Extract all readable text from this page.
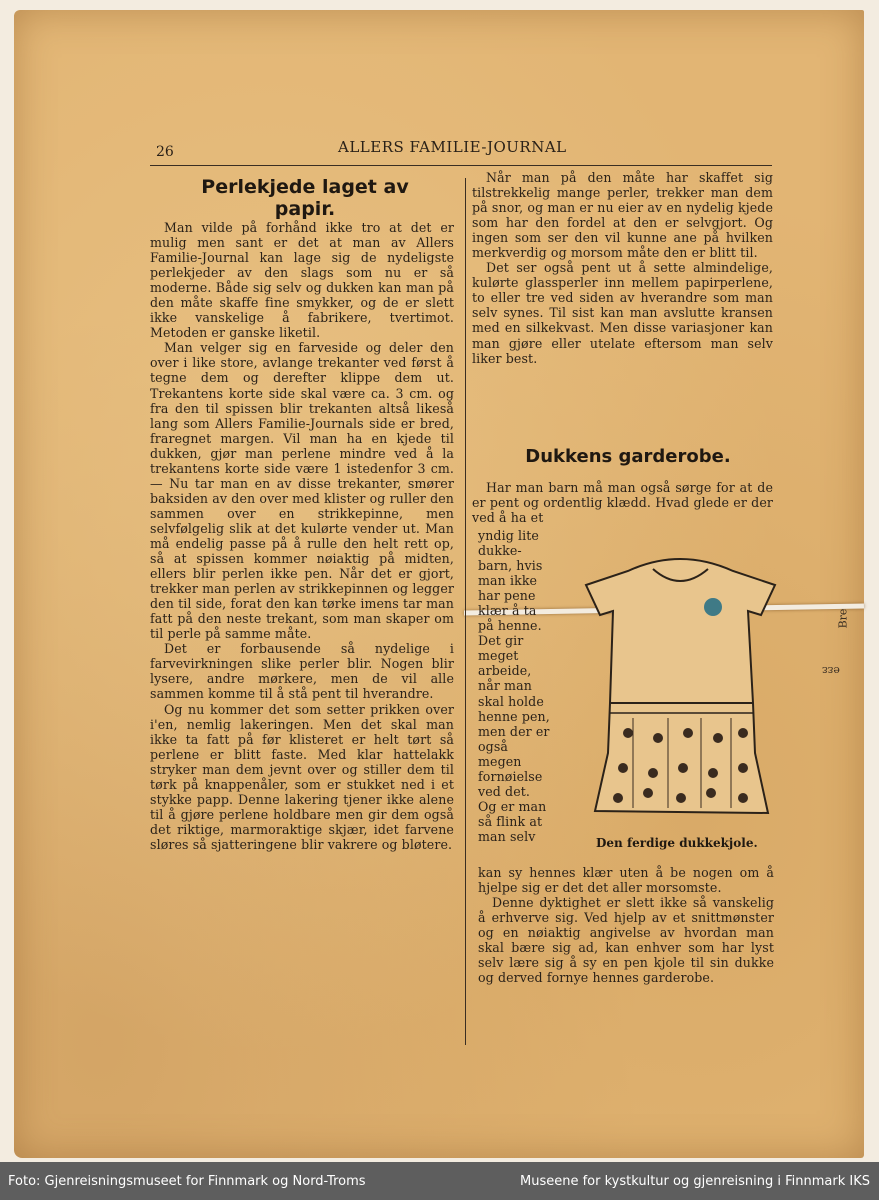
26	ALLERS FAMILIE-JOURNAL
Perlekjede laget av
papir.

Man vilde på forhånd ikke tro at det er mulig men sant er det at man av Allers Familie-Journal kan lage sig de nydeligste perlekjeder av den slags som nu er så moderne. Både sig selv og dukken kan man på den måte skaffe fine smykker, og de er slett ikke vanskelige å fabrikere, tvertimot. Metoden er ganske liketil.

Man velger sig en farveside og deler den over i like store, avlange trekanter ved først å tegne dem og derefter klippe dem ut. Trekantens korte side skal være ca. 3 cm. og fra den til spissen blir trekanten altså likeså lang som Allers Familie-Journals side er bred, fraregnet margen. Vil man ha en kjede til dukken, gjør man perlene mindre ved å la trekantens korte side være 1 istedenfor 3 cm. — Nu tar man en av disse trekanter, smører baksiden av den over med klister og ruller den sammen over en strikkepinne, men selvfølgelig slik at det kulørte vender ut. Man må endelig passe på å rulle den helt rett op, så at spissen kommer nøiaktig på midten, ellers blir perlen ikke pen. Når det er gjort, trekker man perlen av strikkepinnen og legger den til side, forat den kan tørke imens tar man fatt på den neste trekant, som man skaper om til perle på samme måte.

Det er forbausende så nydelige i farvevirkningen slike perler blir. Nogen blir lysere, andre mørkere, men de vil alle sammen komme til å stå pent til hverandre.

Og nu kommer det som setter prikken over i'en, nemlig lakeringen. Men det skal man ikke ta fatt på før klisteret er helt tørt så perlene er blitt faste. Med klar hattelakk stryker man dem jevnt over og stiller dem til tørk på knappenåler, som er stukket ned i et stykke papp. Denne lakering tjener ikke alene til å gjøre perlene holdbare men gir dem også det riktige, marmoraktige skjær, idet farvene sløres så sjatteringene blir vakrere og bløtere.

Når man på den måte har skaffet sig tilstrekkelig mange perler, trekker man dem på snor, og man er nu eier av en nydelig kjede som har den fordel at den er selvgjort. Og ingen som ser den vil kunne ane på hvilken merkverdig og morsom måte den er blitt til.

Det ser også pent ut å sette almindelige, kulørte glassperler inn mellem papirperlene, to eller tre ved siden av hverandre som man selv synes. Til sist kan man avslutte kransen med en silkekvast. Men disse variasjoner kan man gjøre eller utelate eftersom man selv liker best.

Dukkens garderobe.

Har man barn må man også sørge for at de er pent og ordentlig klædd. Hvad glede er der ved å ha et

yndig lite dukke-barn, hvis man ikke har pene klær å ta på henne. Det gir meget arbeide, når man skal holde henne pen, men der er også megen fornøielse ved det. Og er man så flink at man selv	Den ferdige dukkekjole.

kan sy hennes klær uten å be nogen om å hjelpe sig er det det aller morsomste.

Denne dyktighet er slett ikke så vanskelig å erhverve sig. Ved hjelp av et snittmønster og en nøiaktig angivelse av hvordan man skal bære sig ad, kan enhver som har lyst selv lære sig å sy en pen kjole til sin dukke og derved fornye hennes garderobe.

Bre
eεε
Foto: Gjenreisningsmuseet for Finnmark og Nord-Troms	Museene for kystkultur og gjenreisning i Finnmark IKS
